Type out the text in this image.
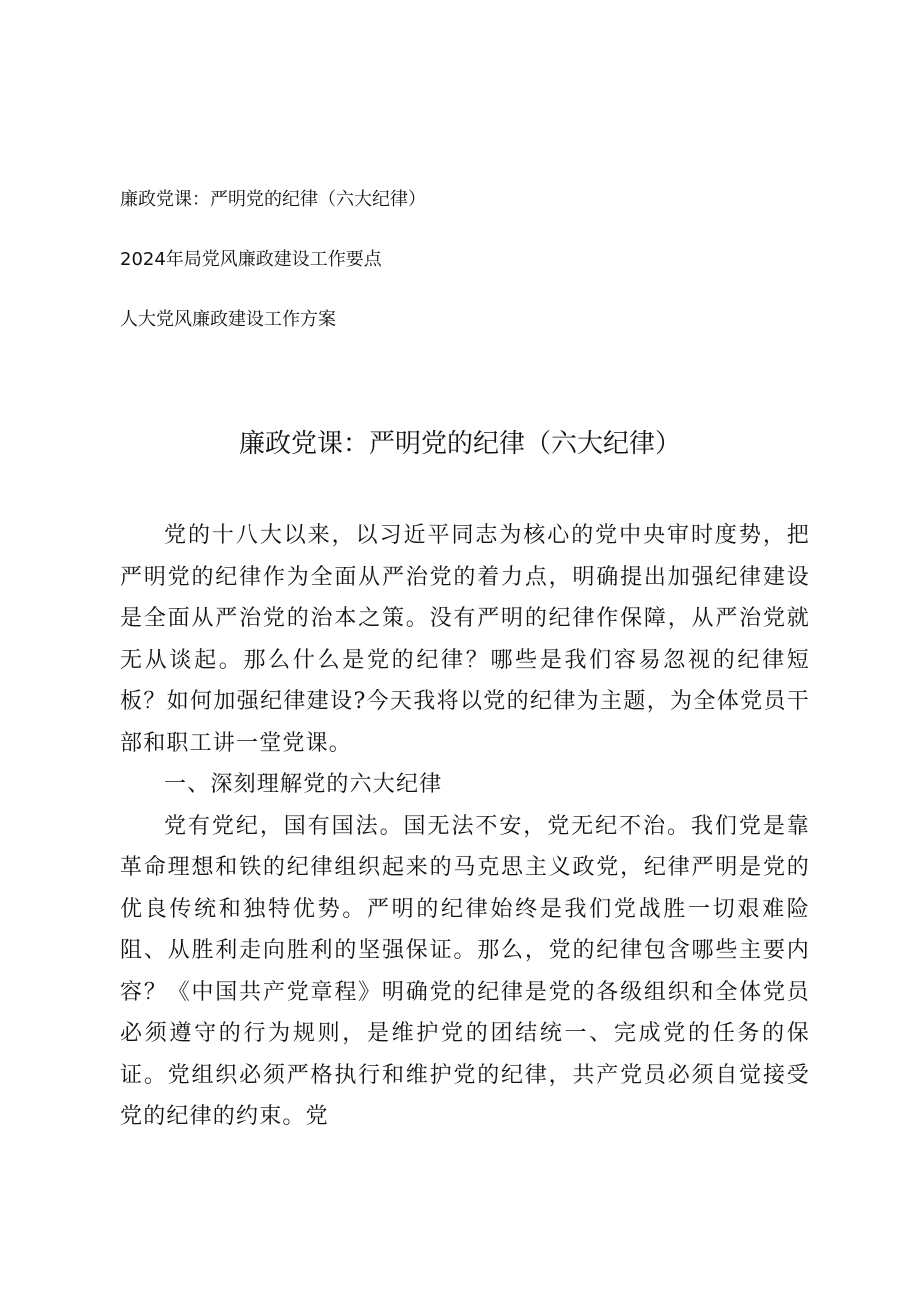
廉政党课：严明党的纪律（六大纪律）
2024年局党风廉政建设工作要点
人大党风廉政建设工作方案
廉政党课：严明党的纪律（六大纪律）

党的十八大以来，以习近平同志为核心的党中央审时度势，把严明党的纪律作为全面从严治党的着力点，明确提出加强纪律建设是全面从严治党的治本之策。没有严明的纪律作保障，从严治党就无从谈起。那么什么是党的纪律？哪些是我们容易忽视的纪律短板？如何加强纪律建设?今天我将以党的纪律为主题，为全体党员干部和职工讲一堂党课。

一、深刻理解党的六大纪律

党有党纪，国有国法。国无法不安，党无纪不治。我们党是靠革命理想和铁的纪律组织起来的马克思主义政党，纪律严明是党的优良传统和独特优势。严明的纪律始终是我们党战胜一切艰难险阻、从胜利走向胜利的坚强保证。那么，党的纪律包含哪些主要内容？《中国共产党章程》明确党的纪律是党的各级组织和全体党员必须遵守的行为规则，是维护党的团结统一、完成党的任务的保证。党组织必须严格执行和维护党的纪律，共产党员必须自觉接受党的纪律的约束。党
